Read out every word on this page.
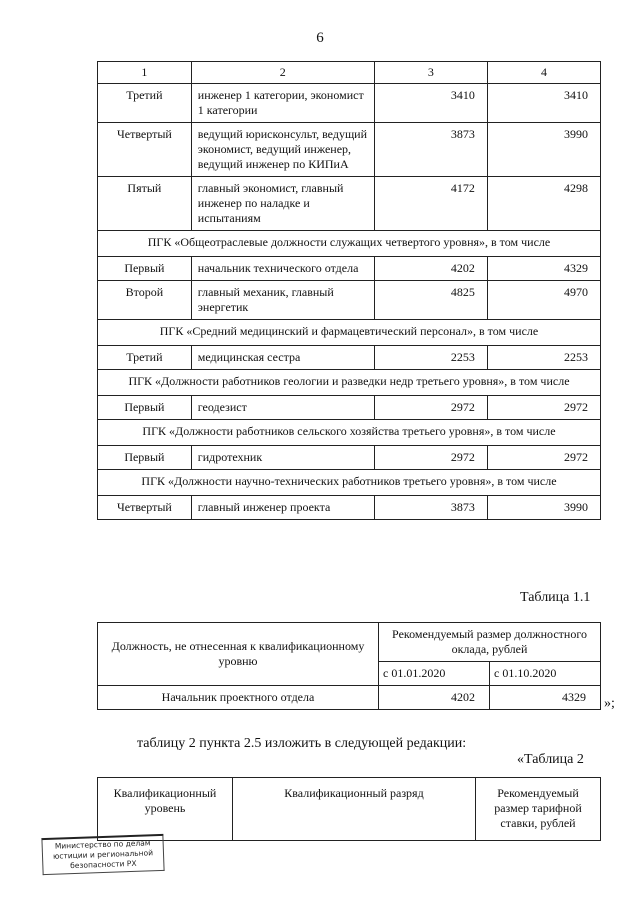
6
1	2	3	4
Третий	инженер 1 категории, экономист 1 категории	3410	3410
Четвертый	ведущий юрисконсульт, ведущий экономист, ведущий инженер, ведущий инженер по КИПиА	3873	3990
Пятый	главный экономист, главный инженер по наладке и испытаниям	4172	4298
ПГК «Общеотраслевые должности служащих четвертого уровня», в том числе			
Первый	начальник технического отдела	4202	4329
Второй	главный механик, главный энергетик	4825	4970
ПГК «Средний медицинский и фармацевтический персонал», в том числе			
Третий	медицинская сестра	2253	2253
ПГК «Должности работников геологии и разведки недр третьего уровня», в том числе			
Первый	геодезист	2972	2972
ПГК «Должности работников сельского хозяйства третьего уровня», в том числе			
Первый	гидротехник	2972	2972
ПГК «Должности научно-технических работников третьего уровня», в том числе			
Четвертый	главный инженер проекта	3873	3990
Таблица 1.1
Должность, не отнесенная к квалификационному уровню	Рекомендуемый размер должностного оклада, рублей	
	с 01.01.2020	с 01.10.2020
Начальник проектного отдела	4202	4329 »;
таблицу 2 пункта 2.5 изложить в следующей редакции:
«Таблица 2
Квалификационный уровень	Квалификационный разряд	Рекомендуемый размер тарифной ставки, рублей
Министерство по делам
юстиции и региональной
безопасности РХ
